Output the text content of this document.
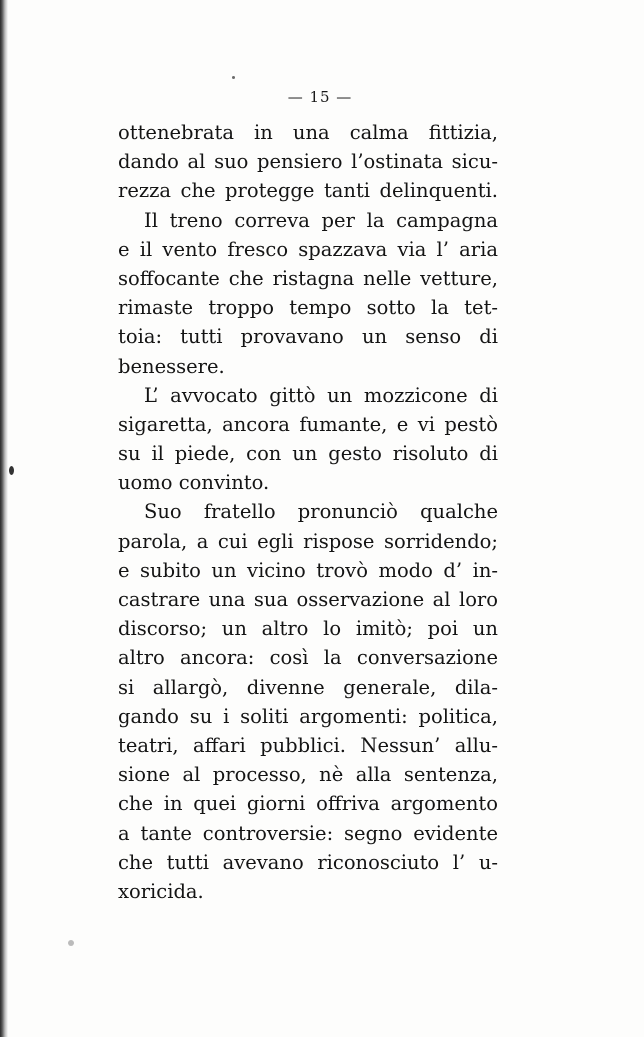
— 15 —
ottenebrata in una calma fittizia,
dando al suo pensiero l’ostinata sicu-
rezza che protegge tanti delinquenti.
Il treno correva per la campagna
e il vento fresco spazzava via l’ aria
soffocante che ristagna nelle vetture,
rimaste troppo tempo sotto la tet-
toia: tutti provavano un senso di
benessere.
L’ avvocato gittò un mozzicone di
sigaretta, ancora fumante, e vi pestò
su il piede, con un gesto risoluto di
uomo convinto.
Suo fratello pronunciò qualche
parola, a cui egli rispose sorridendo;
e subito un vicino trovò modo d’ in-
castrare una sua osservazione al loro
discorso; un altro lo imitò; poi un
altro ancora: così la conversazione
si allargò, divenne generale, dila-
gando su i soliti argomenti: politica,
teatri, affari pubblici. Nessun’ allu-
sione al processo, nè alla sentenza,
che in quei giorni offriva argomento
a tante controversie: segno evidente
che tutti avevano riconosciuto l’ u-
xoricida.
